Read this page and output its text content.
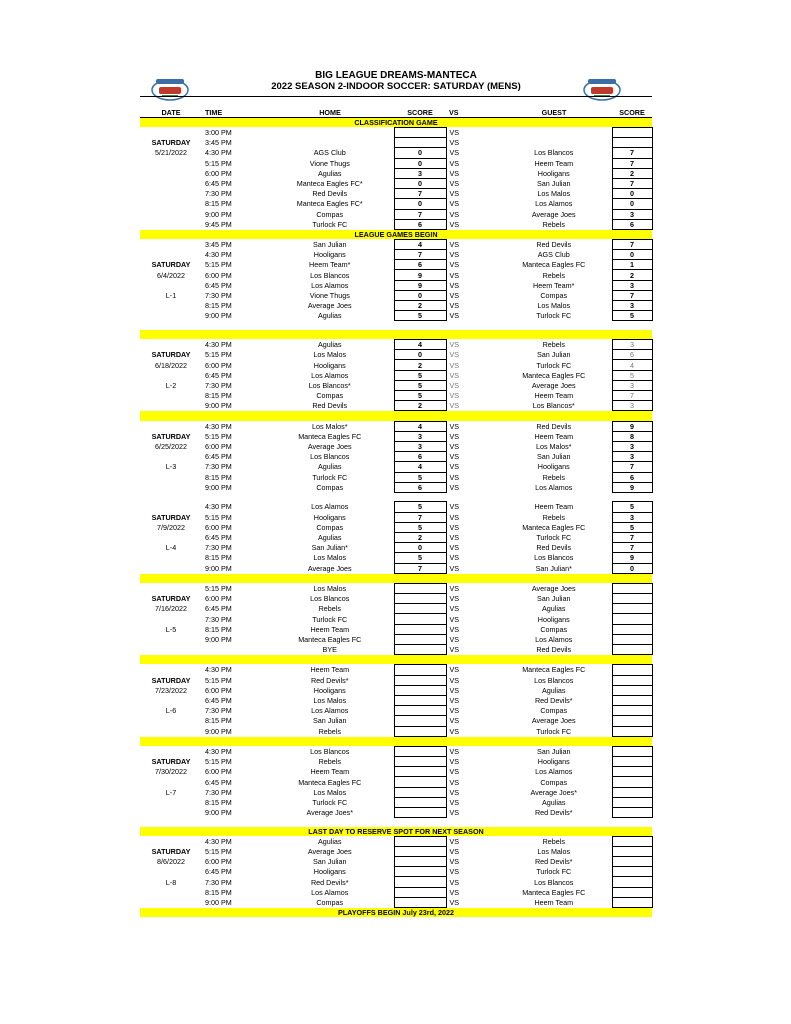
BIG LEAGUE DREAMS-MANTECA
2022 SEASON 2-INDOOR SOCCER: SATURDAY (MENS)
DATE	TIME	HOME	SCORE	VS	GUEST	SCORE
CLASSIFICATION GAME						
	3:00 PM			VS		
SATURDAY	3:45 PM			VS		
5/21/2022	4:30 PM	AGS Club	0	VS	Los Blancos	7
	5:15 PM	Vione Thugs	0	VS	Heem Team	7
	6:00 PM	Agulias	3	VS	Hooligans	2
	6:45 PM	Manteca Eagles FC*	0	VS	San Julian	7
	7:30 PM	Red Devils	7	VS	Los Malos	0
	8:15 PM	Manteca Eagles FC*	0	VS	Los Alamos	0
	9:00 PM	Compas	7	VS	Average Joes	3
	9:45 PM	Turlock FC	6	VS	Rebels	6
LEAGUE GAMES BEGIN						
	3:45 PM	San Julian	4	VS	Red Devils	7
	4:30 PM	Hooligans	7	VS	AGS Club	0
SATURDAY	5:15 PM	Heem Team*	6	VS	Manteca Eagles FC	1
6/4/2022	6:00 PM	Los Blancos	9	VS	Rebels	2
	6:45 PM	Los Alamos	9	VS	Heem Team*	3
L-1	7:30 PM	Vione Thugs	0	VS	Compas	7
	8:15 PM	Average Joes	2	VS	Los Malos	3
	9:00 PM	Agulias	5	VS	Turlock FC	5

	4:30 PM	Agulias	4	VS	Rebels	3
SATURDAY	5:15 PM	Los Malos	0	VS	San Julian	6
6/18/2022	6:00 PM	Hooligans	2	VS	Turlock FC	4
	6:45 PM	Los Alamos	5	VS	Manteca Eagles FC	5
L-2	7:30 PM	Los Blancos*	5	VS	Average Joes	3
	8:15 PM	Compas	5	VS	Heem Team	7
	9:00 PM	Red Devils	2	VS	Los Blancos*	3

	4:30 PM	Los Malos*	4	VS	Red Devils	9
SATURDAY	5:15 PM	Manteca Eagles FC	3	VS	Heem Team	8
6/25/2022	6:00 PM	Average Joes	3	VS	Los Malos*	3
	6:45 PM	Los Blancos	6	VS	San Julian	3
L-3	7:30 PM	Agulias	4	VS	Hooligans	7
	8:15 PM	Turlock FC	5	VS	Rebels	6
	9:00 PM	Compas	6	VS	Los Alamos	9

	4:30 PM	Los Alamos	5	VS	Heem Team	5
SATURDAY	5:15 PM	Hooligans	7	VS	Rebels	3
7/9/2022	6:00 PM	Compas	5	VS	Manteca Eagles FC	5
	6:45 PM	Agulias	2	VS	Turlock FC	7
L-4	7:30 PM	San Julian*	0	VS	Red Devils	7
	8:15 PM	Los Malos	5	VS	Los Blancos	9
	9:00 PM	Average Joes	7	VS	San Julian*	0

	5:15 PM	Los Malos		VS	Average Joes	
SATURDAY	6:00 PM	Los Blancos		VS	San Julian	
7/16/2022	6:45 PM	Rebels		VS	Agulias	
	7:30 PM	Turlock FC		VS	Hooligans	
L-5	8:15 PM	Heem Team		VS	Compas	
	9:00 PM	Manteca Eagles FC		VS	Los Alamos	
		BYE		VS	Red Devils	

	4:30 PM	Heem Team		VS	Manteca Eagles FC	
SATURDAY	5:15 PM	Red Devils*		VS	Los Blancos	
7/23/2022	6:00 PM	Hooligans		VS	Agulias	
	6:45 PM	Los Malos		VS	Red Devils*	
L-6	7:30 PM	Los Alamos		VS	Compas	
	8:15 PM	San Julian		VS	Average Joes	
	9:00 PM	Rebels		VS	Turlock FC	

	4:30 PM	Los Blancos		VS	San Julian	
SATURDAY	5:15 PM	Rebels		VS	Hooligans	
7/30/2022	6:00 PM	Heem Team		VS	Los Alamos	
	6:45 PM	Manteca Eagles FC		VS	Compas	
L-7	7:30 PM	Los Malos		VS	Average Joes*	
	8:15 PM	Turlock FC		VS	Agulias	
	9:00 PM	Average Joes*		VS	Red Devils*	

LAST DAY TO RESERVE SPOT FOR NEXT SEASON						
	4:30 PM	Agulias		VS	Rebels	
SATURDAY	5:15 PM	Average Joes		VS	Los Malos	
8/6/2022	6:00 PM	San Julian		VS	Red Devils*	
	6:45 PM	Hooligans		VS	Turlock FC	
L-8	7:30 PM	Red Devils*		VS	Los Blancos	
	8:15 PM	Los Alamos		VS	Manteca Eagles FC	
	9:00 PM	Compas		VS	Heem Team	
PLAYOFFS BEGIN July 23rd, 2022						
